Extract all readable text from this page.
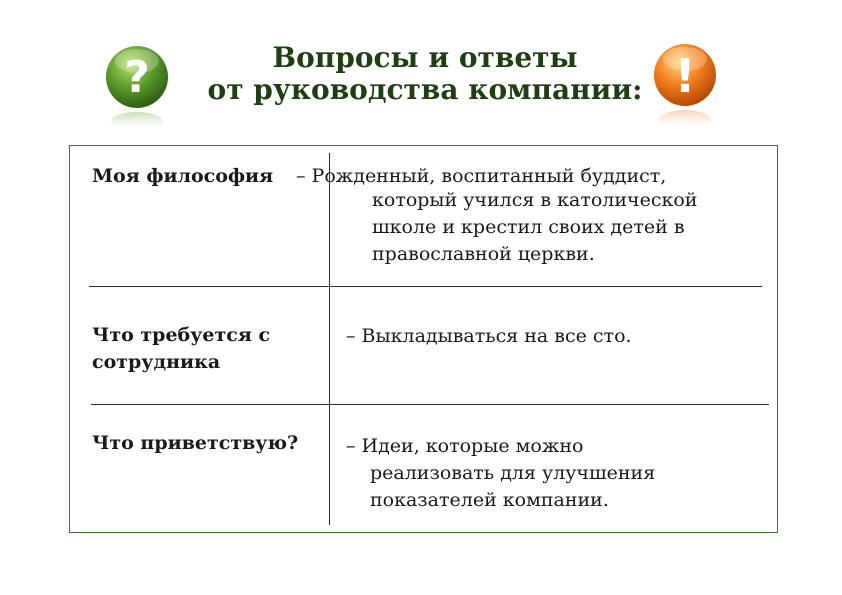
Вопросы и ответы
от руководства компании:
?	!
Моя философия – Рожденный, воспитанный буддист,
который учился в католической
школе и крестил своих детей в
православной церкви.
Что требуется с
сотрудника
– Выкладываться на все сто.
Что приветствую?	– Идеи, которые можно
реализовать для улучшения
показателей компании.
